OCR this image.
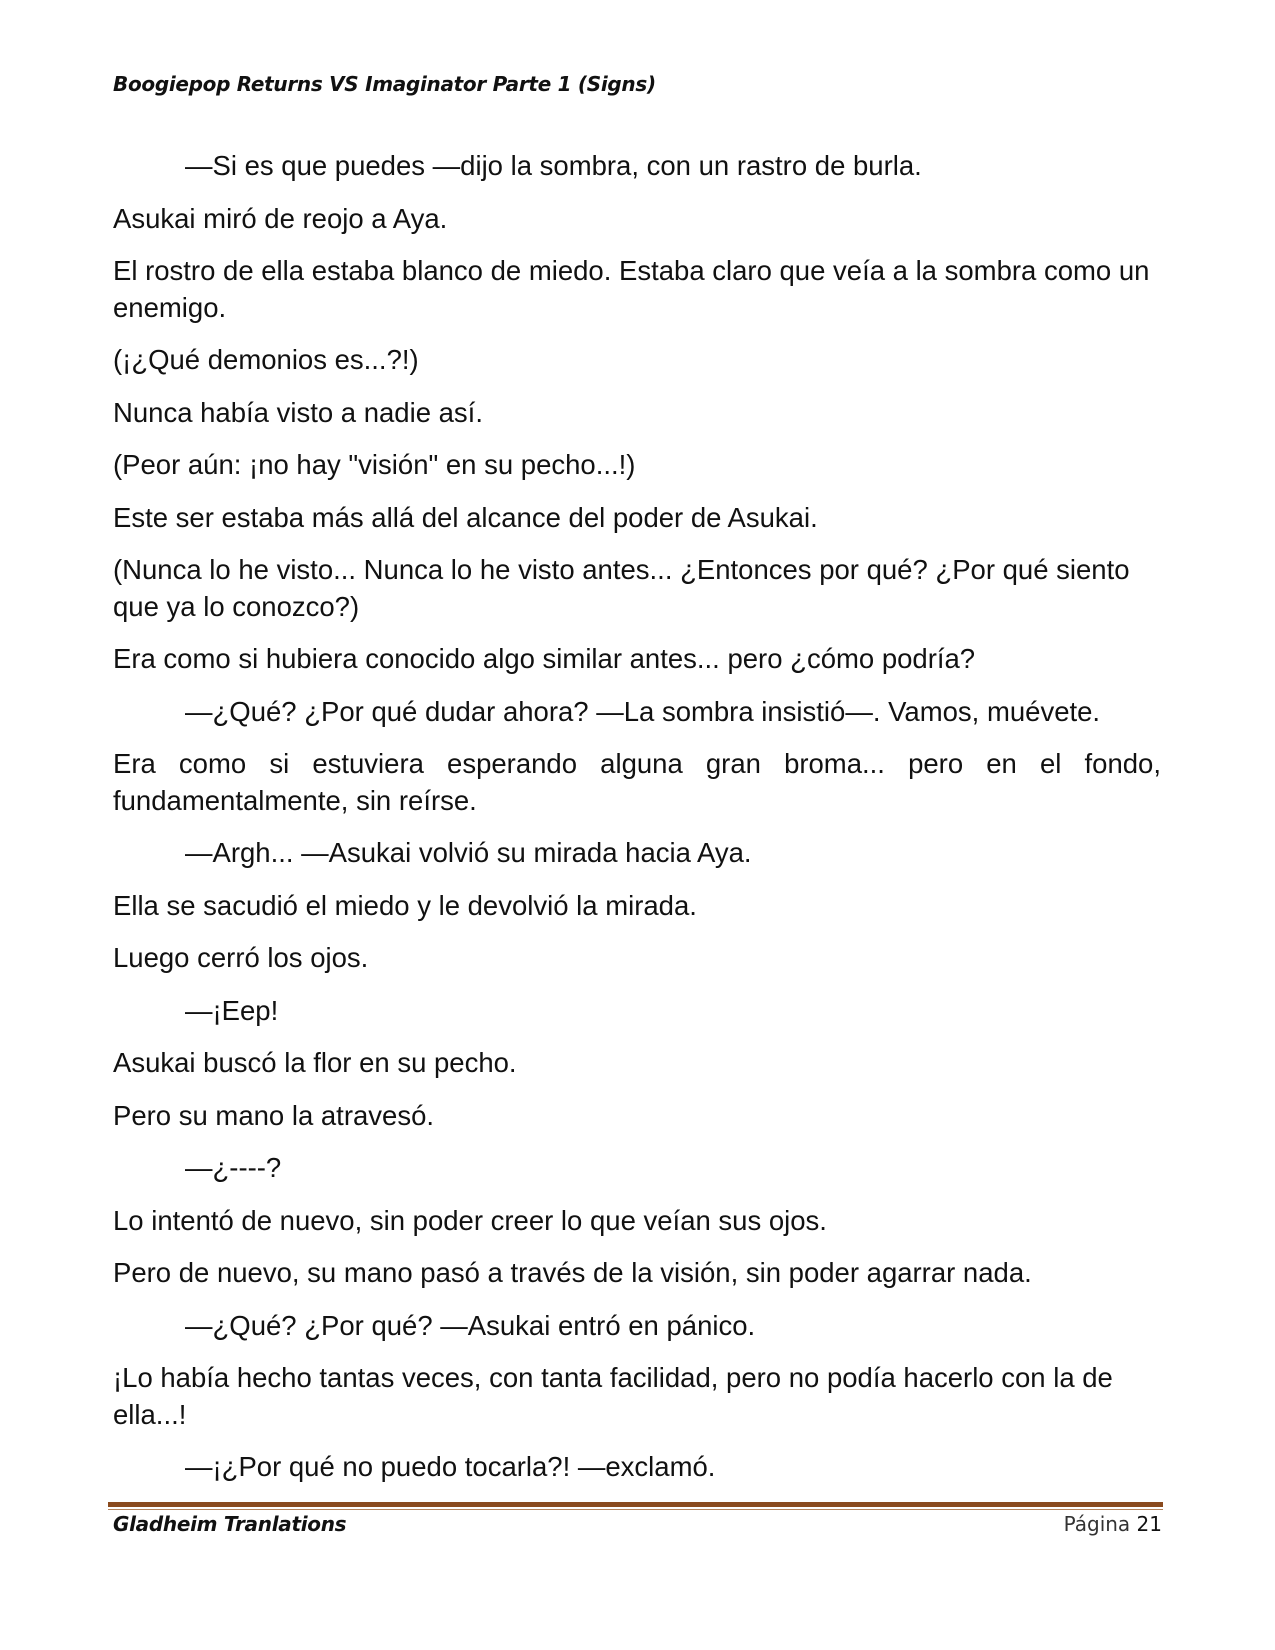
Boogiepop Returns VS Imaginator Parte 1 (Signs)

—Si es que puedes —dijo la sombra, con un rastro de burla.

Asukai miró de reojo a Aya.

El rostro de ella estaba blanco de miedo. Estaba claro que veía a la sombra como un enemigo.

(¡¿Qué demonios es...?!)

Nunca había visto a nadie así.

(Peor aún: ¡no hay "visión" en su pecho...!)

Este ser estaba más allá del alcance del poder de Asukai.

(Nunca lo he visto... Nunca lo he visto antes... ¿Entonces por qué? ¿Por qué siento que ya lo conozco?)

Era como si hubiera conocido algo similar antes... pero ¿cómo podría?

—¿Qué? ¿Por qué dudar ahora? —La sombra insistió—. Vamos, muévete.

Era como si estuviera esperando alguna gran broma... pero en el fondo, fundamentalmente, sin reírse.

—Argh... —Asukai volvió su mirada hacia Aya.

Ella se sacudió el miedo y le devolvió la mirada.

Luego cerró los ojos.

—¡Eep!

Asukai buscó la flor en su pecho.

Pero su mano la atravesó.

—¿----?

Lo intentó de nuevo, sin poder creer lo que veían sus ojos.

Pero de nuevo, su mano pasó a través de la visión, sin poder agarrar nada.

—¿Qué? ¿Por qué? —Asukai entró en pánico.

¡Lo había hecho tantas veces, con tanta facilidad, pero no podía hacerlo con la de ella...!

—¡¿Por qué no puedo tocarla?! —exclamó.

Gladheim Tranlations	Página 21
